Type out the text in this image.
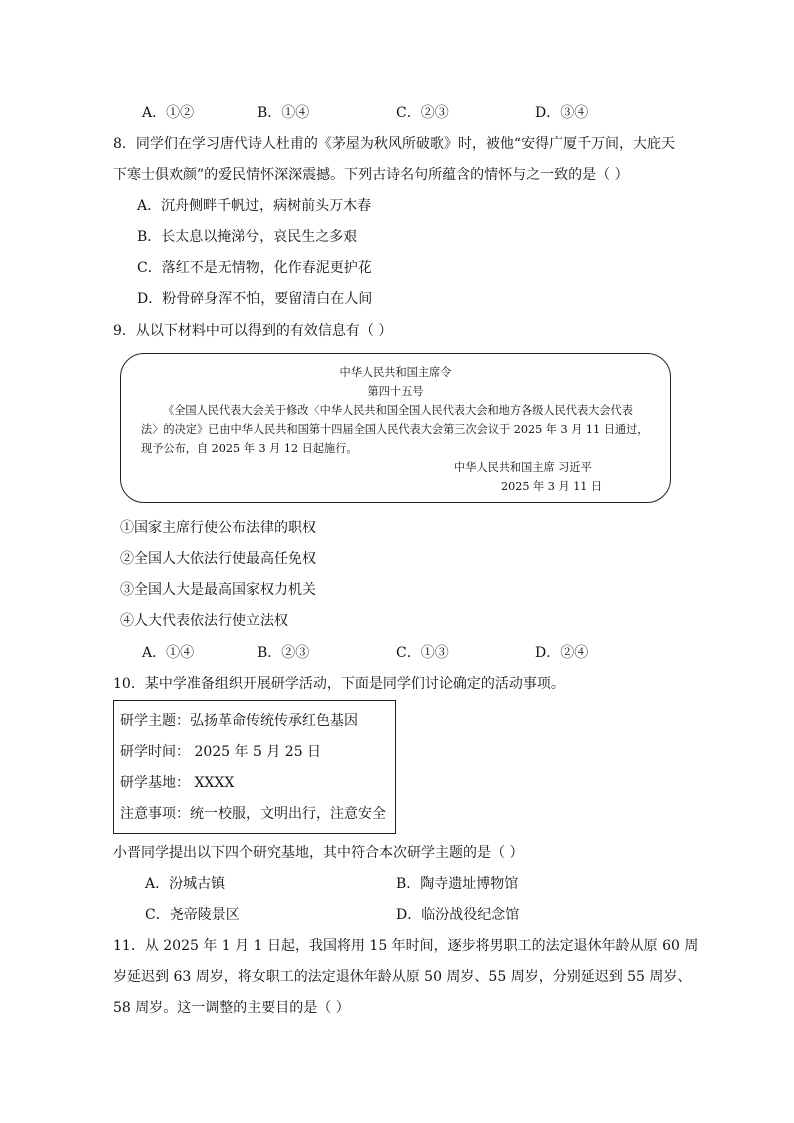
A．①②	B．①④	C．②③	D．③④
8．同学们在学习唐代诗人杜甫的《茅屋为秋风所破歌》时，被他“安得广厦千万间，大庇天
下寒士俱欢颜”的爱民情怀深深震撼。下列古诗名句所蕴含的情怀与之一致的是（ ）
A．沉舟侧畔千帆过，病树前头万木春
B．长太息以掩涕兮，哀民生之多艰
C．落红不是无情物，化作春泥更护花
D．粉骨碎身浑不怕，要留清白在人间
9．从以下材料中可以得到的有效信息有（ ）
中华人民共和国主席令
第四十五号
《全国人民代表大会关于修改〈中华人民共和国全国人民代表大会和地方各级人民代表大会代表
法〉的决定》已由中华人民共和国第十四届全国人民代表大会第三次会议于 2025 年 3 月 11 日通过，
现予公布，自 2025 年 3 月 12 日起施行。
中华人民共和国主席 习近平
2025 年 3 月 11 日
①国家主席行使公布法律的职权
②全国人大依法行使最高任免权
③全国人大是最高国家权力机关
④人大代表依法行使立法权
A．①④	B．②③	C．①③	D．②④
10．某中学准备组织开展研学活动，下面是同学们讨论确定的活动事项。
研学主题：弘扬革命传统传承红色基因
研学时间： 2025 年 5 月 25 日
研学基地： XXXX
注意事项：统一校服，文明出行，注意安全
小晋同学提出以下四个研究基地，其中符合本次研学主题的是（ ）
A．汾城古镇	B．陶寺遗址博物馆
C．尧帝陵景区	D．临汾战役纪念馆
11．从 2025 年 1 月 1 日起，我国将用 15 年时间，逐步将男职工的法定退休年龄从原 60 周
岁延迟到 63 周岁，将女职工的法定退休年龄从原 50 周岁、55 周岁，分别延迟到 55 周岁、
58 周岁。这一调整的主要目的是（ ）
